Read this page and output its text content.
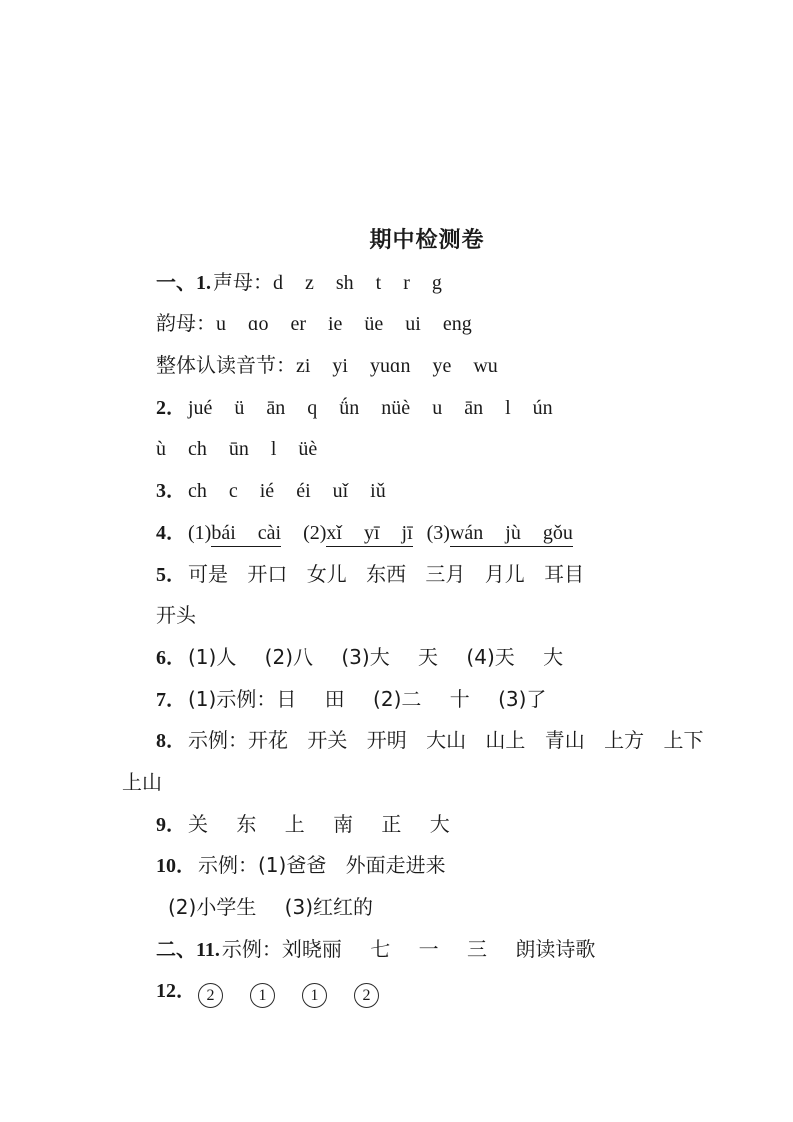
期中检测卷
一、1. 声母：d z sh t r g
韵母：u ɑo er ie üe ui eng
整体认读音节：zi yi yuɑn ye wu
2． jué ü ān q ǘn nüè u ān l ún
ù ch ūn l üè
3． ch c ié éi uǐ iǔ
4． (1)bái cài (2)xǐ yī jī (3)wán jù gǒu
5． 可是 开口 女儿 东西 三月 月儿 耳目
开头
6． (1)人 (2)八 (3)大 天 (4)天 大
7． (1)示例：日 田 (2)二 十 (3)了
8． 示例：开花 开关 开明 大山 山上 青山 上方 上下
上山
9． 关 东 上 南 正 大
10． 示例：(1)爸爸 外面走进来
(2)小学生 (3)红红的
二、11. 示例：刘晓丽 七 一 三 朗读诗歌
12． 2	1	1	2
